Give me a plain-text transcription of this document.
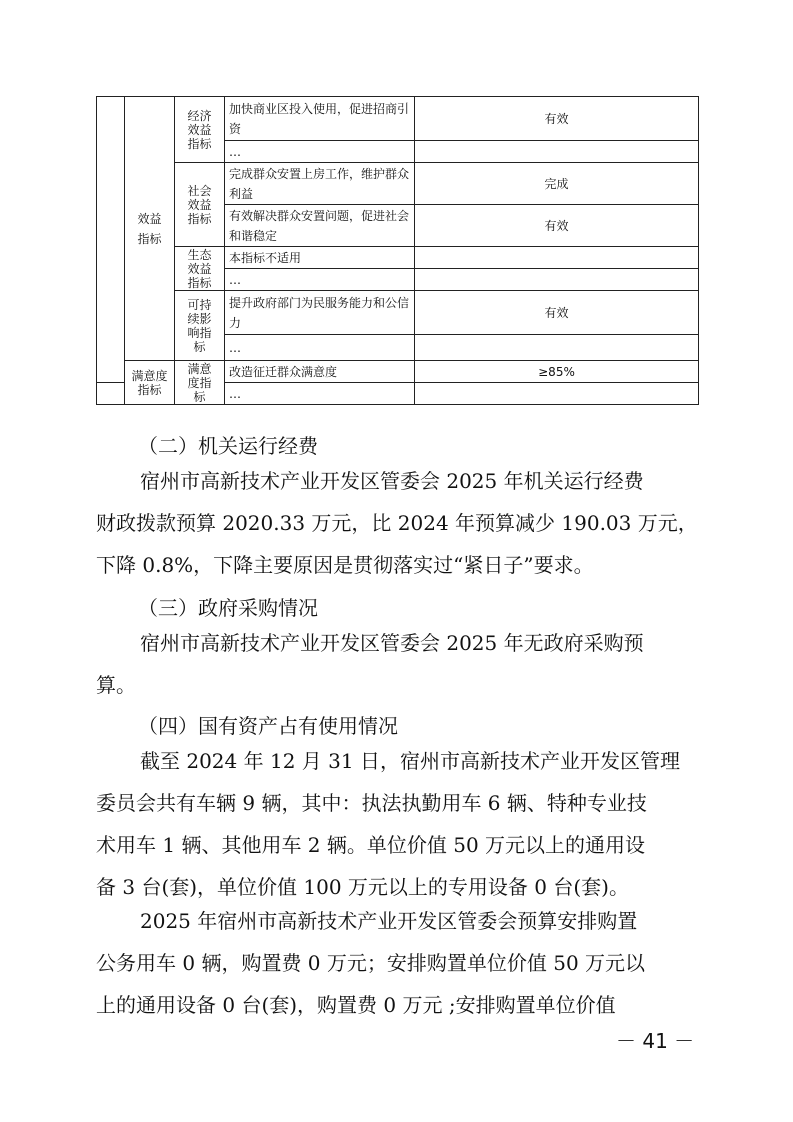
	效益指标	经济效益指标	加快商业区投入使用，促进招商引资	有效
			…	
		社会效益指标	完成群众安置上房工作，维护群众利益	完成
			有效解决群众安置问题，促进社会和谐稳定	有效
		生态效益指标	本指标不适用	
			…	
		可持续影响指标	提升政府部门为民服务能力和公信力	有效
			…	
	满意度指标	满意度指标	改造征迁群众满意度	≥85%
			…	

（二）机关运行经费

宿州市高新技术产业开发区管委会 2025 年机关运行经费
财政拨款预算 2020.33 万元，比 2024 年预算减少 190.03 万元，
下降 0.8%，下降主要原因是贯彻落实过“紧日子”要求。

（三）政府采购情况

宿州市高新技术产业开发区管委会 2025 年无政府采购预
算。

（四）国有资产占有使用情况

截至 2024 年 12 月 31 日，宿州市高新技术产业开发区管理
委员会共有车辆 9 辆，其中：执法执勤用车 6 辆、特种专业技
术用车 1 辆、其他用车 2 辆。单位价值 50 万元以上的通用设
备 3 台(套)，单位价值 100 万元以上的专用设备 0 台(套)。
2025 年宿州市高新技术产业开发区管委会预算安排购置
公务用车 0 辆，购置费 0 万元；安排购置单位价值 50 万元以
上的通用设备 0 台(套)，购置费 0 万元 ;安排购置单位价值
－ 41 －
